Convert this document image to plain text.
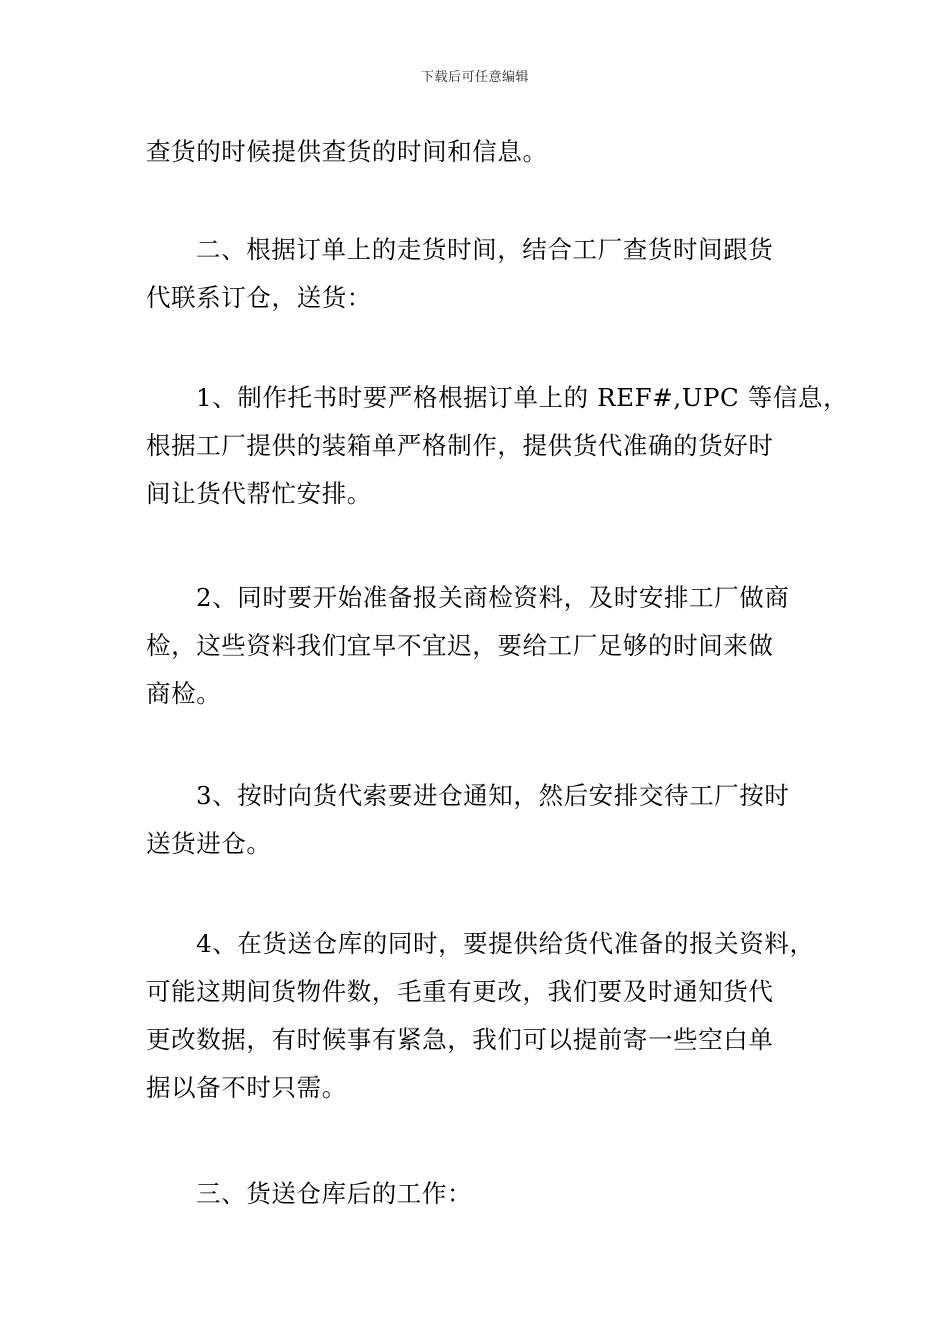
下载后可任意编辑
查货的时候提供查货的时间和信息。
二、根据订单上的走货时间，结合工厂查货时间跟货
代联系订仓，送货：
1、制作托书时要严格根据订单上的 REF#,UPC 等信息，
根据工厂提供的装箱单严格制作，提供货代准确的货好时
间让货代帮忙安排。
2、同时要开始准备报关商检资料，及时安排工厂做商
检，这些资料我们宜早不宜迟，要给工厂足够的时间来做
商检。
3、按时向货代索要进仓通知，然后安排交待工厂按时
送货进仓。
4、在货送仓库的同时，要提供给货代准备的报关资料，
可能这期间货物件数，毛重有更改，我们要及时通知货代
更改数据，有时候事有紧急，我们可以提前寄一些空白单
据以备不时只需。
三、货送仓库后的工作：
